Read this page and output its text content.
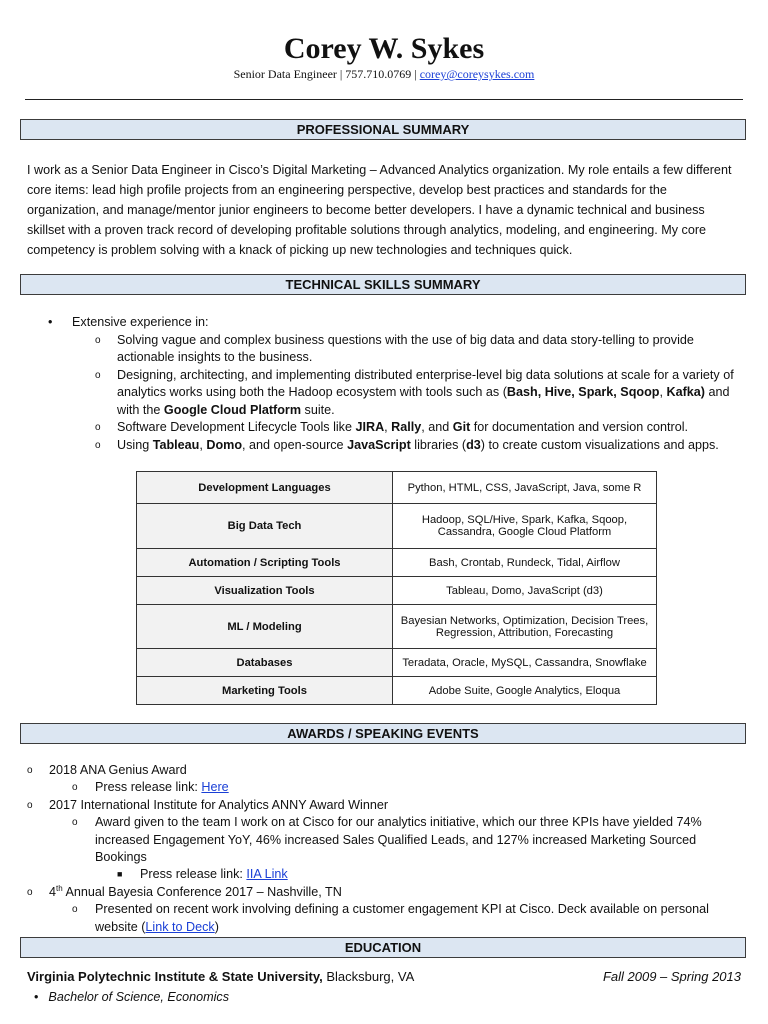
Corey W. Sykes
Senior Data Engineer | 757.710.0769 | corey@coreysykes.com
PROFESSIONAL SUMMARY
I work as a Senior Data Engineer in Cisco’s Digital Marketing – Advanced Analytics organization. My role entails a few different core items: lead high profile projects from an engineering perspective, develop best practices and standards for the organization, and manage/mentor junior engineers to become better developers. I have a dynamic technical and business skillset with a proven track record of developing profitable solutions through analytics, modeling, and engineering. My core competency is problem solving with a knack of picking up new technologies and techniques quick.
TECHNICAL SKILLS SUMMARY
• Extensive experience in:
o Solving vague and complex business questions with the use of big data and data story-telling to provide actionable insights to the business.
o Designing, architecting, and implementing distributed enterprise-level big data solutions at scale for a variety of analytics works using both the Hadoop ecosystem with tools such as (Bash, Hive, Spark, Sqoop, Kafka) and with the Google Cloud Platform suite.
o Software Development Lifecycle Tools like JIRA, Rally, and Git for documentation and version control.
o Using Tableau, Domo, and open-source JavaScript libraries (d3) to create custom visualizations and apps.
Development Languages	Python, HTML, CSS, JavaScript, Java, some R
Big Data Tech	Hadoop, SQL/Hive, Spark, Kafka, Sqoop, Cassandra, Google Cloud Platform
Automation / Scripting Tools	Bash, Crontab, Rundeck, Tidal, Airflow
Visualization Tools	Tableau, Domo, JavaScript (d3)
ML / Modeling	Bayesian Networks, Optimization, Decision Trees, Regression, Attribution, Forecasting
Databases	Teradata, Oracle, MySQL, Cassandra, Snowflake
Marketing Tools	Adobe Suite, Google Analytics, Eloqua
AWARDS / SPEAKING EVENTS
o 2018 ANA Genius Award
o Press release link: Here
o 2017 International Institute for Analytics ANNY Award Winner
o Award given to the team I work on at Cisco for our analytics initiative, which our three KPIs have yielded 74% increased Engagement YoY, 46% increased Sales Qualified Leads, and 127% increased Marketing Sourced Bookings
■ Press release link: IIA Link
o 4th Annual Bayesia Conference 2017 – Nashville, TN
o Presented on recent work involving defining a customer engagement KPI at Cisco. Deck available on personal website (Link to Deck)
EDUCATION
Virginia Polytechnic Institute & State University, Blacksburg, VA	Fall 2009 – Spring 2013
• Bachelor of Science, Economics
